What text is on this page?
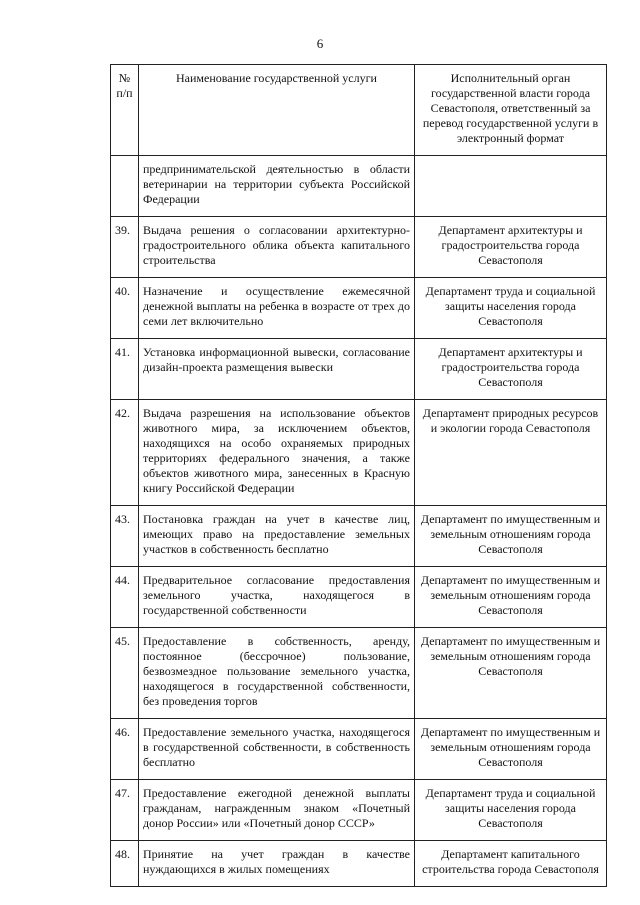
6
№ п/п	Наименование государственной услуги	Исполнительный орган государственной власти города Севастополя, ответственный за перевод государственной услуги в электронный формат
	предпринимательской деятельностью в области ветеринарии на территории субъекта Российской Федерации	
39.	Выдача решения о согласовании архитектурно-градостроительного облика объекта капитального строительства	Департамент архитектуры и градостроительства города Севастополя
40.	Назначение и осуществление ежемесячной денежной выплаты на ребенка в возрасте от трех до семи лет включительно	Департамент труда и социальной защиты населения города Севастополя
41.	Установка информационной вывески, согласование дизайн-проекта размещения вывески	Департамент архитектуры и градостроительства города Севастополя
42.	Выдача разрешения на использование объектов животного мира, за исключением объектов, находящихся на особо охраняемых природных территориях федерального значения, а также объектов животного мира, занесенных в Красную книгу Российской Федерации	Департамент природных ресурсов и экологии города Севастополя
43.	Постановка граждан на учет в качестве лиц, имеющих право на предоставление земельных участков в собственность бесплатно	Департамент по имущественным и земельным отношениям города Севастополя
44.	Предварительное согласование предоставления земельного участка, находящегося в государственной собственности	Департамент по имущественным и земельным отношениям города Севастополя
45.	Предоставление в собственность, аренду, постоянное (бессрочное) пользование, безвозмездное пользование земельного участка, находящегося в государственной собственности, без проведения торгов	Департамент по имущественным и земельным отношениям города Севастополя
46.	Предоставление земельного участка, находящегося в государственной собственности, в собственность бесплатно	Департамент по имущественным и земельным отношениям города Севастополя
47.	Предоставление ежегодной денежной выплаты гражданам, награжденным знаком «Почетный донор России» или «Почетный донор СССР»	Департамент труда и социальной защиты населения города Севастополя
48.	Принятие на учет граждан в качестве нуждающихся в жилых помещениях	Департамент капитального строительства города Севастополя
